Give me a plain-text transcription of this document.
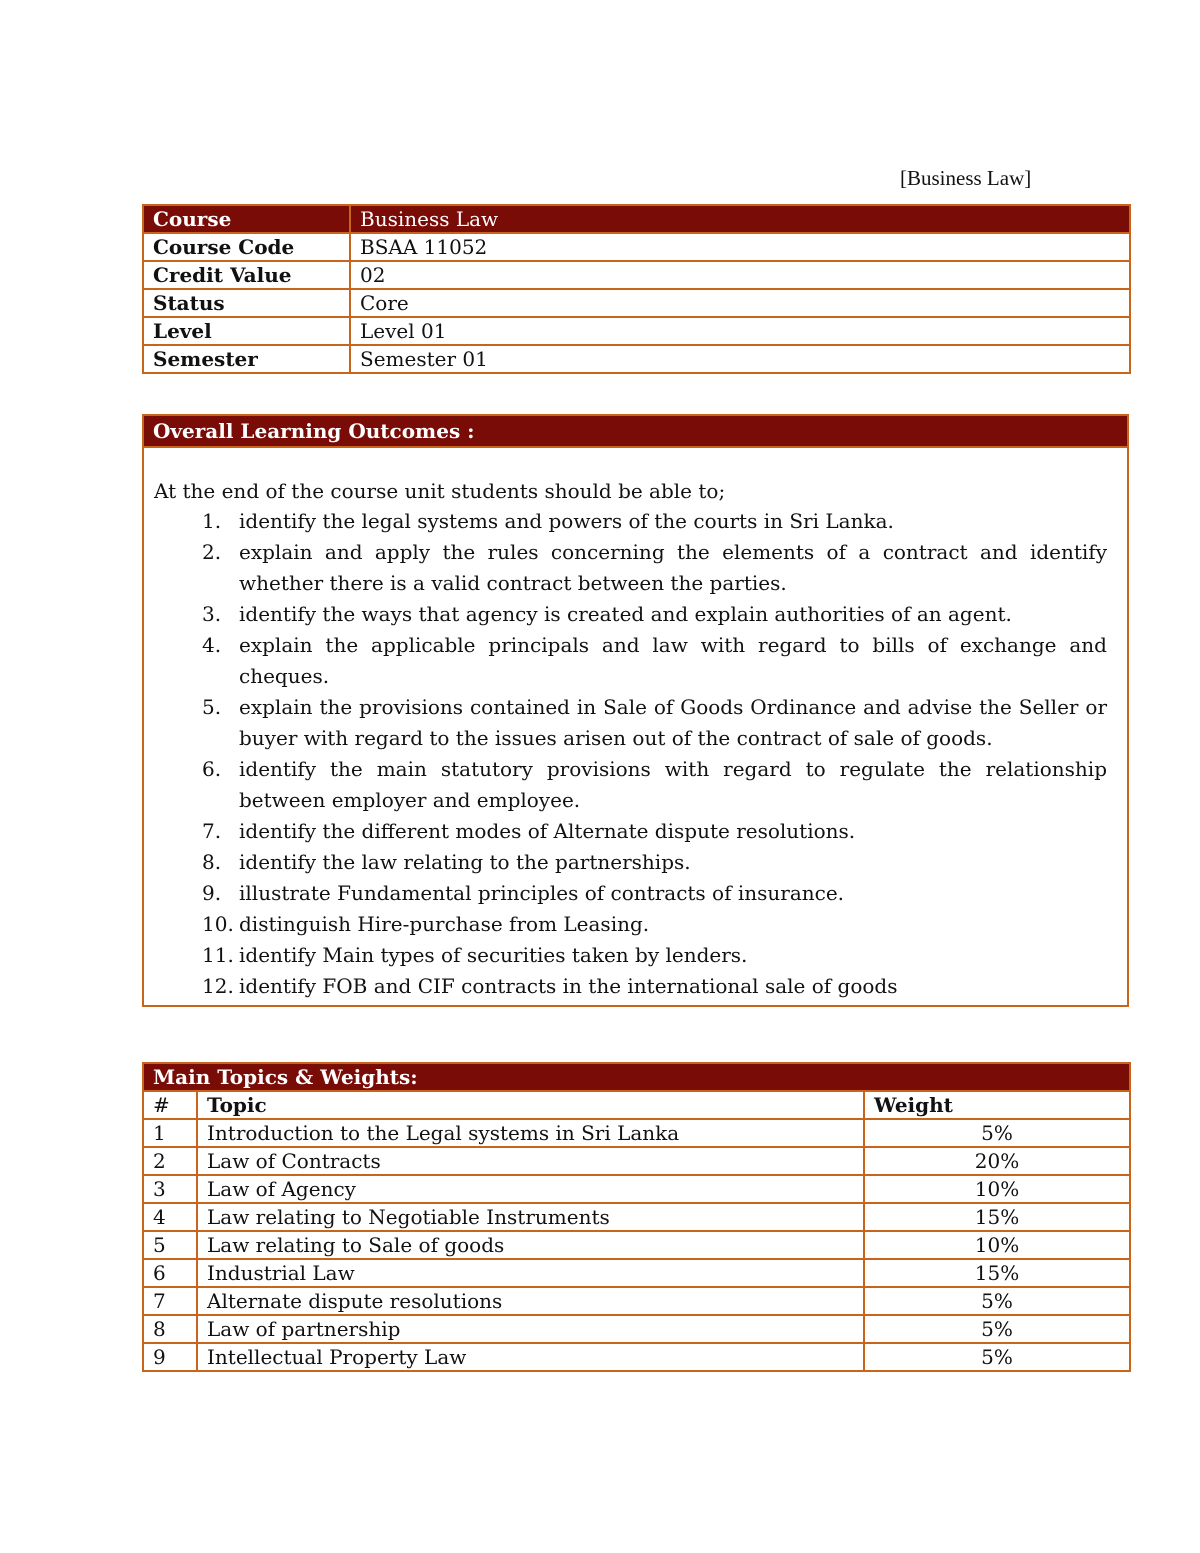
[Business Law]
Course	Business Law
Course Code	BSAA 11052
Credit Value	02
Status	Core
Level	Level 01
Semester	Semester 01
Overall Learning Outcomes :
At the end of the course unit students should be able to;
1. identify the legal systems and powers of the courts in Sri Lanka.
2. explain and apply the rules concerning the elements of a contract and identify whether there is a valid contract between the parties.
3. identify the ways that agency is created and explain authorities of an agent.
4. explain the applicable principals and law with regard to bills of exchange and cheques.
5. explain the provisions contained in Sale of Goods Ordinance and advise the Seller or buyer with regard to the issues arisen out of the contract of sale of goods.
6. identify the main statutory provisions with regard to regulate the relationship between employer and employee.
7. identify the different modes of Alternate dispute resolutions.
8. identify the law relating to the partnerships.
9. illustrate Fundamental principles of contracts of insurance.
10. distinguish Hire-purchase from Leasing.
11. identify Main types of securities taken by lenders.
12. identify FOB and CIF contracts in the international sale of goods
Main Topics & Weights:		
#	Topic	Weight
1	Introduction to the Legal systems in Sri Lanka	5%
2	Law of Contracts	20%
3	Law of Agency	10%
4	Law relating to Negotiable Instruments	15%
5	Law relating to Sale of goods	10%
6	Industrial Law	15%
7	Alternate dispute resolutions	5%
8	Law of partnership	5%
9	Intellectual Property Law	5%
